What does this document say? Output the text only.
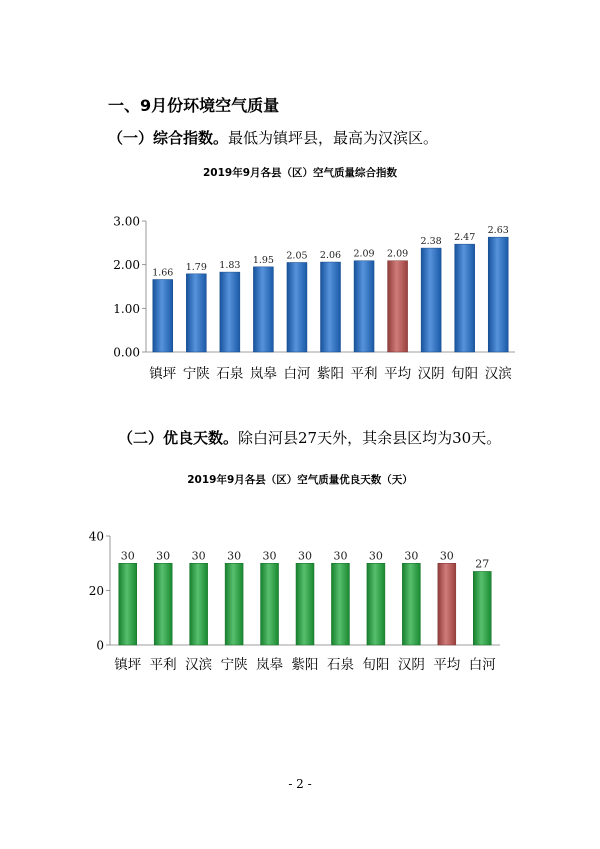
一、9月份环境空气质量
（一）综合指数。最低为镇坪县，最高为汉滨区。
2019年9月各县（区）空气质量综合指数
0.00
1.00
2.00
3.00
1.66
镇坪
1.79
宁陕
1.83
石泉
1.95
岚皋
2.05
白河
2.06
紫阳
2.09
平利
2.09
平均
2.38
汉阴
2.47
旬阳
2.63
汉滨
（二）优良天数。除白河县27天外，其余县区均为30天。
2019年9月各县（区）空气质量优良天数（天）
0
20
40
30
镇坪
30
平利
30
汉滨
30
宁陕
30
岚皋
30
紫阳
30
石泉
30
旬阳
30
汉阴
30
平均
27
白河
- 2 -
